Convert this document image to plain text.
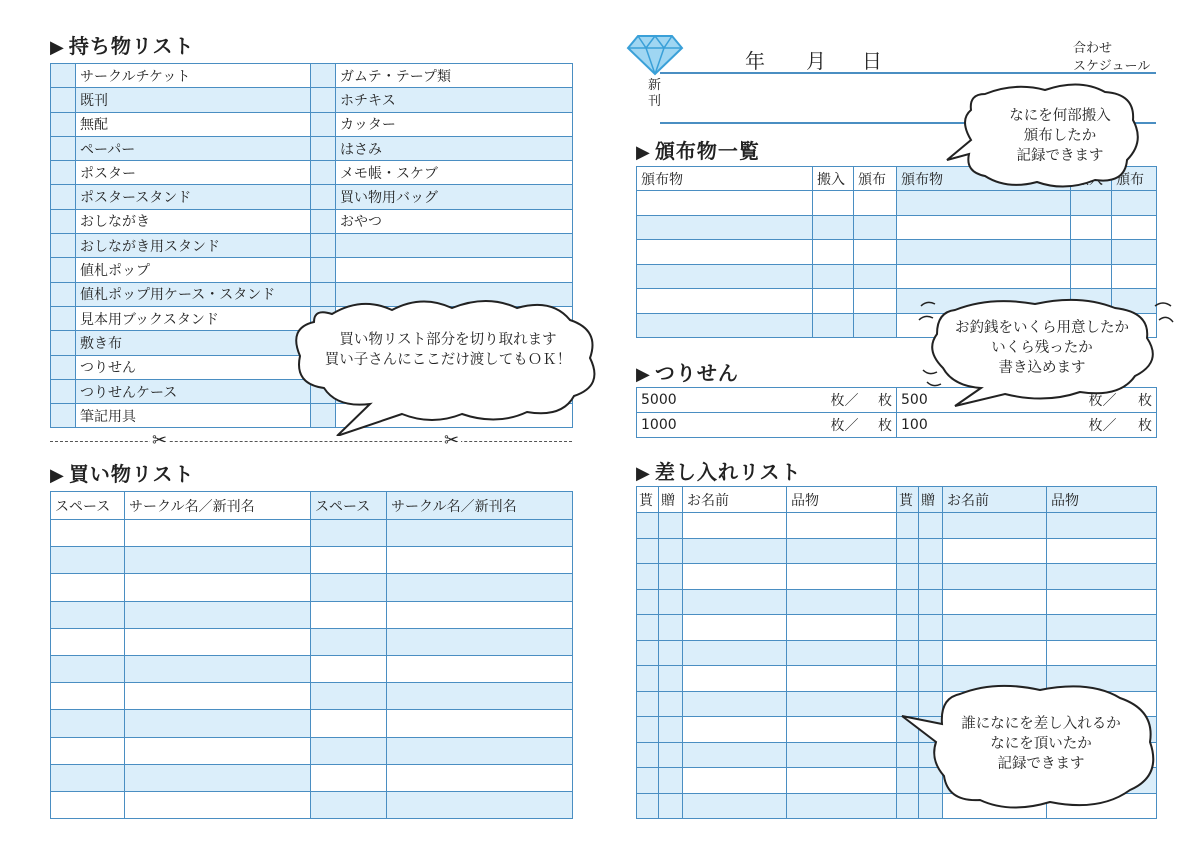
▶ 持ち物リスト
	サークルチケット		ガムテ・テープ類
	既刊		ホチキス
	無配		カッター
	ペーパー		はさみ
	ポスター		メモ帳・スケブ
	ポスタースタンド		買い物用バッグ
	おしながき		おやつ
	おしながき用スタンド		
	値札ポップ		
	値札ポップ用ケース・スタンド		
	見本用ブックスタンド		
	敷き布		
	つりせん		
	つりせんケース		
	筆記用具		
✂	✂
買い物リスト部分を切り取れます
買い子さんにここだけ渡してもＯＫ！
▶ 買い物リスト
スペース	サークル名／新刊名	スペース	サークル名／新刊名

年 月 日
合わせ
スケジュール
新
刊
▶ 頒布物一覧
頒布物	搬入	頒布	頒布物		頒布

なにを何部搬入
頒布したか
記録できます
▶ つりせん
5000	枚／	枚	500	枚／	枚
1000	枚／	枚	100	枚／	枚
お釣銭をいくら用意したか
いくら残ったか
書き込めます
▶ 差し入れリスト
貰	贈	お名前	品物	貰	贈	お名前	品物

誰になにを差し入れるか
なにを頂いたか
記録できます
